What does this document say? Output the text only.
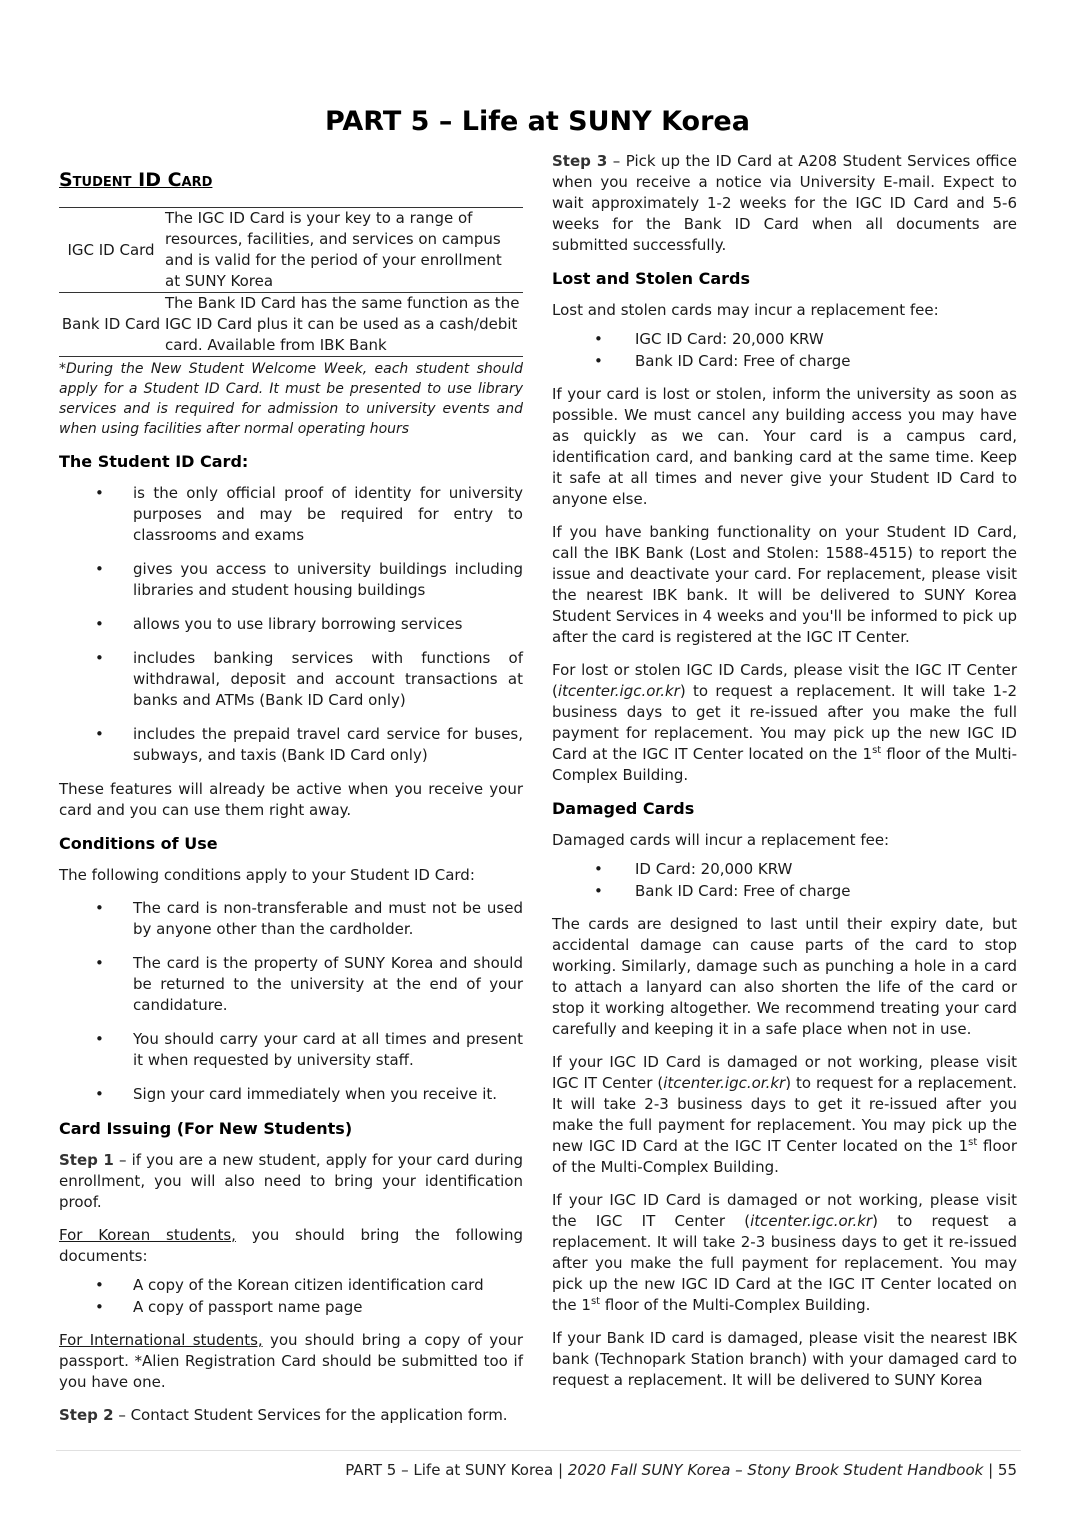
PART 5 – Life at SUNY Korea
Student ID Card
IGC ID Card	The IGC ID Card is your key to a range of resources, facilities, and services on campus and is valid for the period of your enrollment at SUNY Korea
Bank ID Card	The Bank ID Card has the same function as the IGC ID Card plus it can be used as a cash/debit card. Available from IBK Bank
*During the New Student Welcome Week, each student should apply for a Student ID Card. It must be presented to use library services and is required for admission to university events and when using facilities after normal operating hours
The Student ID Card:
• is the only official proof of identity for university purposes and may be required for entry to classrooms and exams
• gives you access to university buildings including libraries and student housing buildings
• allows you to use library borrowing services
• includes banking services with functions of withdrawal, deposit and account transactions at banks and ATMs (Bank ID Card only)
• includes the prepaid travel card service for buses, subways, and taxis (Bank ID Card only)
These features will already be active when you receive your card and you can use them right away.
Conditions of Use
The following conditions apply to your Student ID Card:
• The card is non-transferable and must not be used by anyone other than the cardholder.
• The card is the property of SUNY Korea and should be returned to the university at the end of your candidature.
• You should carry your card at all times and present it when requested by university staff.
• Sign your card immediately when you receive it.
Card Issuing (For New Students)
Step 1 – if you are a new student, apply for your card during enrollment, you will also need to bring your identification proof.
For Korean students, you should bring the following documents:
• A copy of the Korean citizen identification card
• A copy of passport name page
For International students, you should bring a copy of your passport. *Alien Registration Card should be submitted too if you have one.
Step 2 – Contact Student Services for the application form.
Step 3 – Pick up the ID Card at A208 Student Services office when you receive a notice via University E-mail. Expect to wait approximately 1-2 weeks for the IGC ID Card and 5-6 weeks for the Bank ID Card when all documents are submitted successfully.
Lost and Stolen Cards
Lost and stolen cards may incur a replacement fee:
• IGC ID Card: 20,000 KRW
• Bank ID Card: Free of charge
If your card is lost or stolen, inform the university as soon as possible. We must cancel any building access you may have as quickly as we can. Your card is a campus card, identification card, and banking card at the same time. Keep it safe at all times and never give your Student ID Card to anyone else.
If you have banking functionality on your Student ID Card, call the IBK Bank (Lost and Stolen: 1588-4515) to report the issue and deactivate your card. For replacement, please visit the nearest IBK bank. It will be delivered to SUNY Korea Student Services in 4 weeks and you'll be informed to pick up after the card is registered at the IGC IT Center.
For lost or stolen IGC ID Cards, please visit the IGC IT Center (itcenter.igc.or.kr) to request a replacement. It will take 1-2 business days to get it re-issued after you make the full payment for replacement. You may pick up the new IGC ID Card at the IGC IT Center located on the 1st floor of the Multi-Complex Building.
Damaged Cards
Damaged cards will incur a replacement fee:
• ID Card: 20,000 KRW
• Bank ID Card: Free of charge
The cards are designed to last until their expiry date, but accidental damage can cause parts of the card to stop working. Similarly, damage such as punching a hole in a card to attach a lanyard can also shorten the life of the card or stop it working altogether. We recommend treating your card carefully and keeping it in a safe place when not in use.
If your IGC ID Card is damaged or not working, please visit IGC IT Center (itcenter.igc.or.kr) to request for a replacement. It will take 2-3 business days to get it re-issued after you make the full payment for replacement. You may pick up the new IGC ID Card at the IGC IT Center located on the 1st floor of the Multi-Complex Building.
If your IGC ID Card is damaged or not working, please visit the IGC IT Center (itcenter.igc.or.kr) to request a replacement. It will take 2-3 business days to get it re-issued after you make the full payment for replacement. You may pick up the new IGC ID Card at the IGC IT Center located on the 1st floor of the Multi-Complex Building.
If your Bank ID card is damaged, please visit the nearest IBK bank (Technopark Station branch) with your damaged card to request a replacement. It will be delivered to SUNY Korea
PART 5 – Life at SUNY Korea | 2020 Fall SUNY Korea – Stony Brook Student Handbook | 55
